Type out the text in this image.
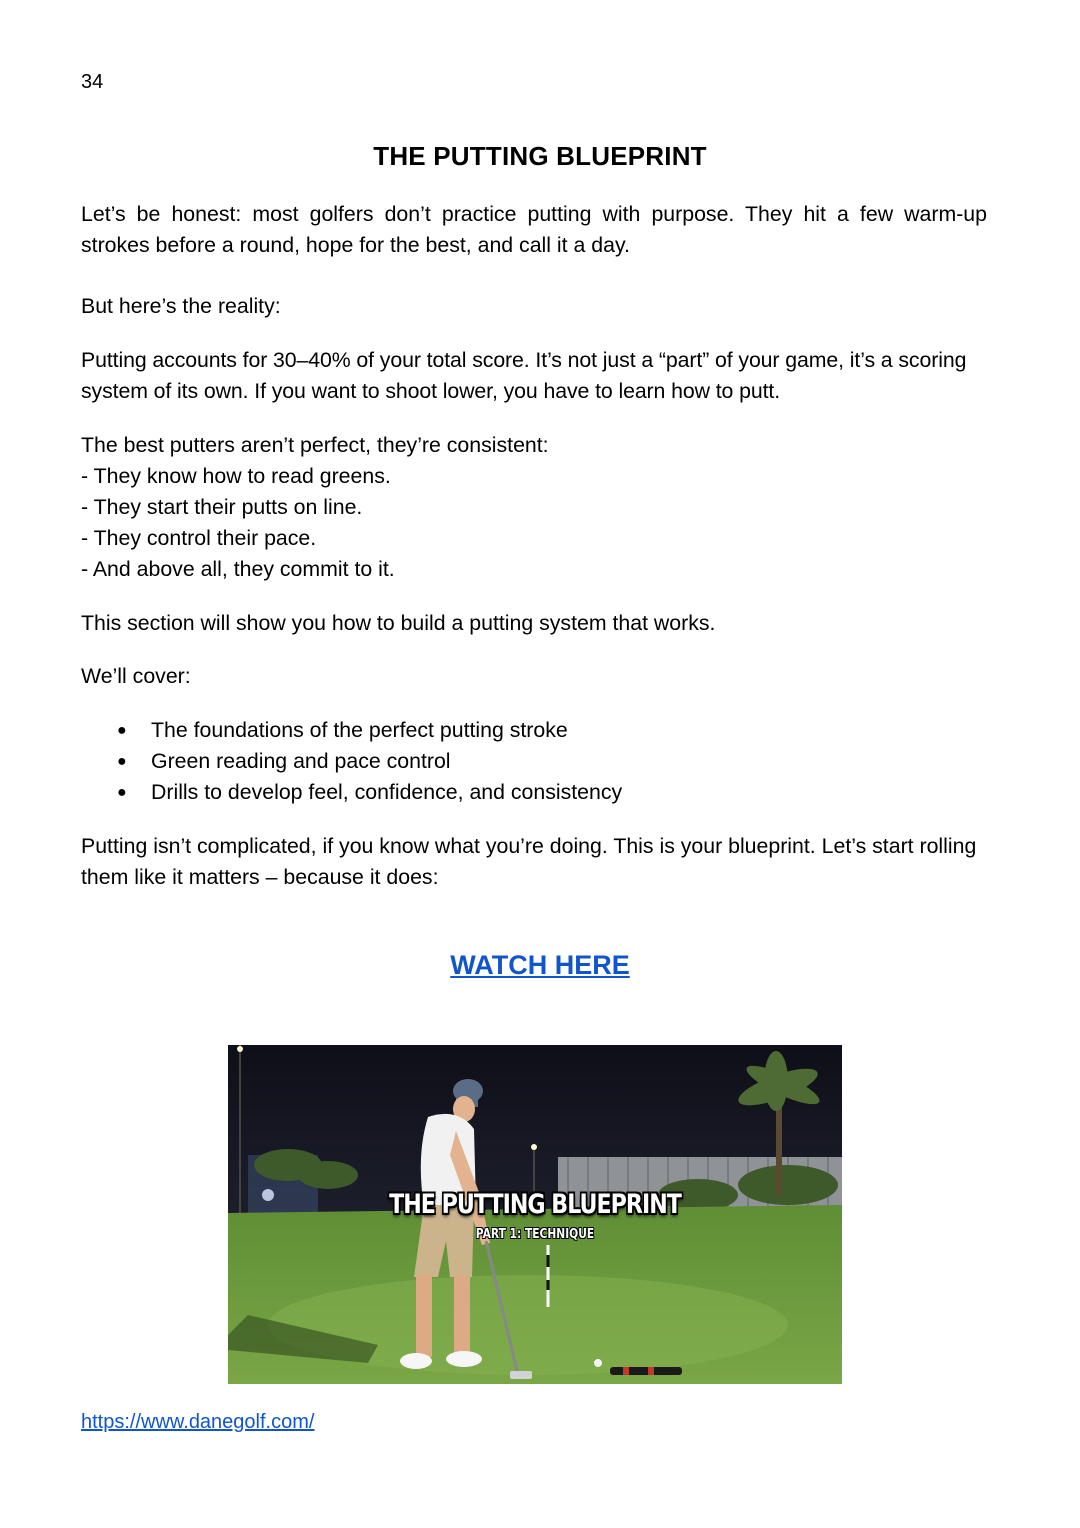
34
THE PUTTING BLUEPRINT

Let’s be honest: most golfers don’t practice putting with purpose. They hit a few warm-up strokes before a round, hope for the best, and call it a day.

But here’s the reality:

Putting accounts for 30–40% of your total score. It’s not just a “part” of your game, it’s a scoring system of its own. If you want to shoot lower, you have to learn how to putt.

The best putters aren’t perfect, they’re consistent:
- They know how to read greens.
- They start their putts on line.
- They control their pace.
- And above all, they commit to it.

This section will show you how to build a putting system that works.

We’ll cover:

● The foundations of the perfect putting stroke
● Green reading and pace control
● Drills to develop feel, confidence, and consistency

Putting isn’t complicated, if you know what you’re doing. This is your blueprint. Let’s start rolling them like it matters – because it does:

WATCH HERE
THE PUTTING BLUEPRINT
PART 1: TECHNIQUE
https://www.danegolf.com/
